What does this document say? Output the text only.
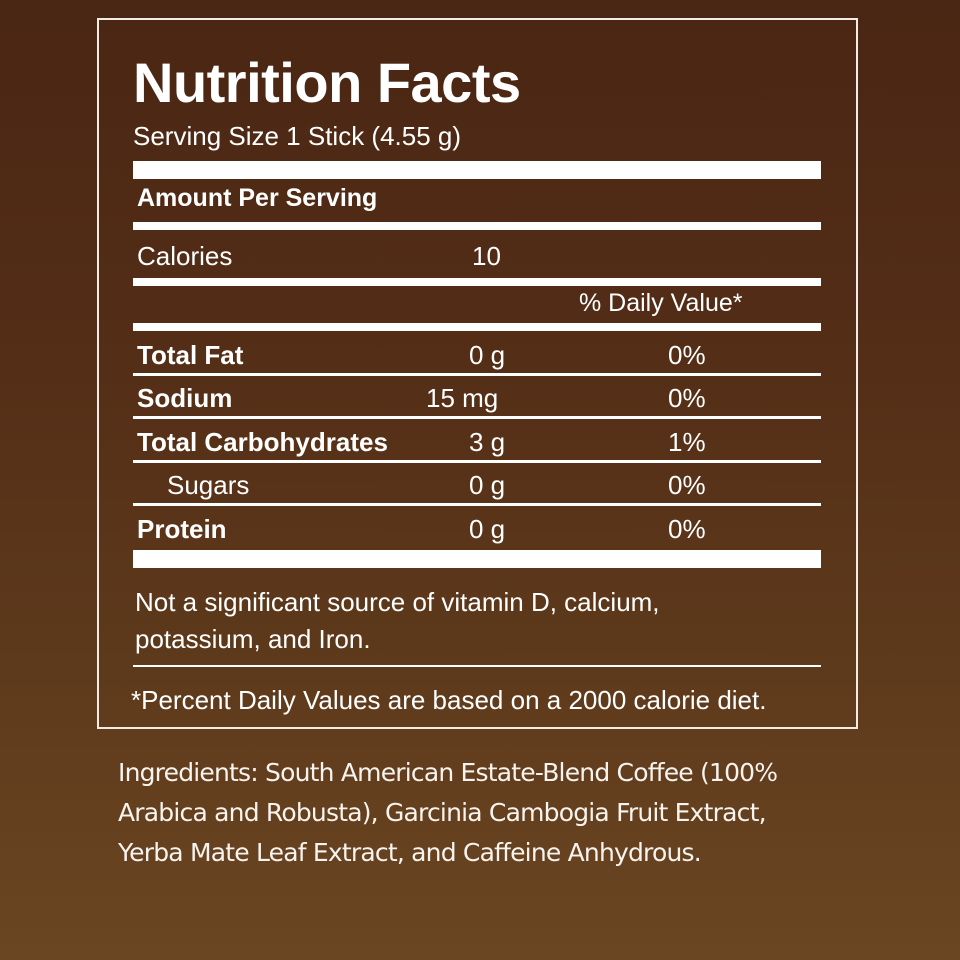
Nutrition Facts
Serving Size 1 Stick (4.55 g)
Amount Per Serving
Calories	10
% Daily Value*
Total Fat	0 g	0%
Sodium	15 mg	0%
Total Carbohydrates	3 g	1%
Sugars	0 g	0%
Protein	0 g	0%
Not a significant source of vitamin D, calcium,
potassium, and Iron.
*Percent Daily Values are based on a 2000 calorie diet.
Ingredients: South American Estate-Blend Coffee (100%
Arabica and Robusta), Garcinia Cambogia Fruit Extract,
Yerba Mate Leaf Extract, and Caffeine Anhydrous.
